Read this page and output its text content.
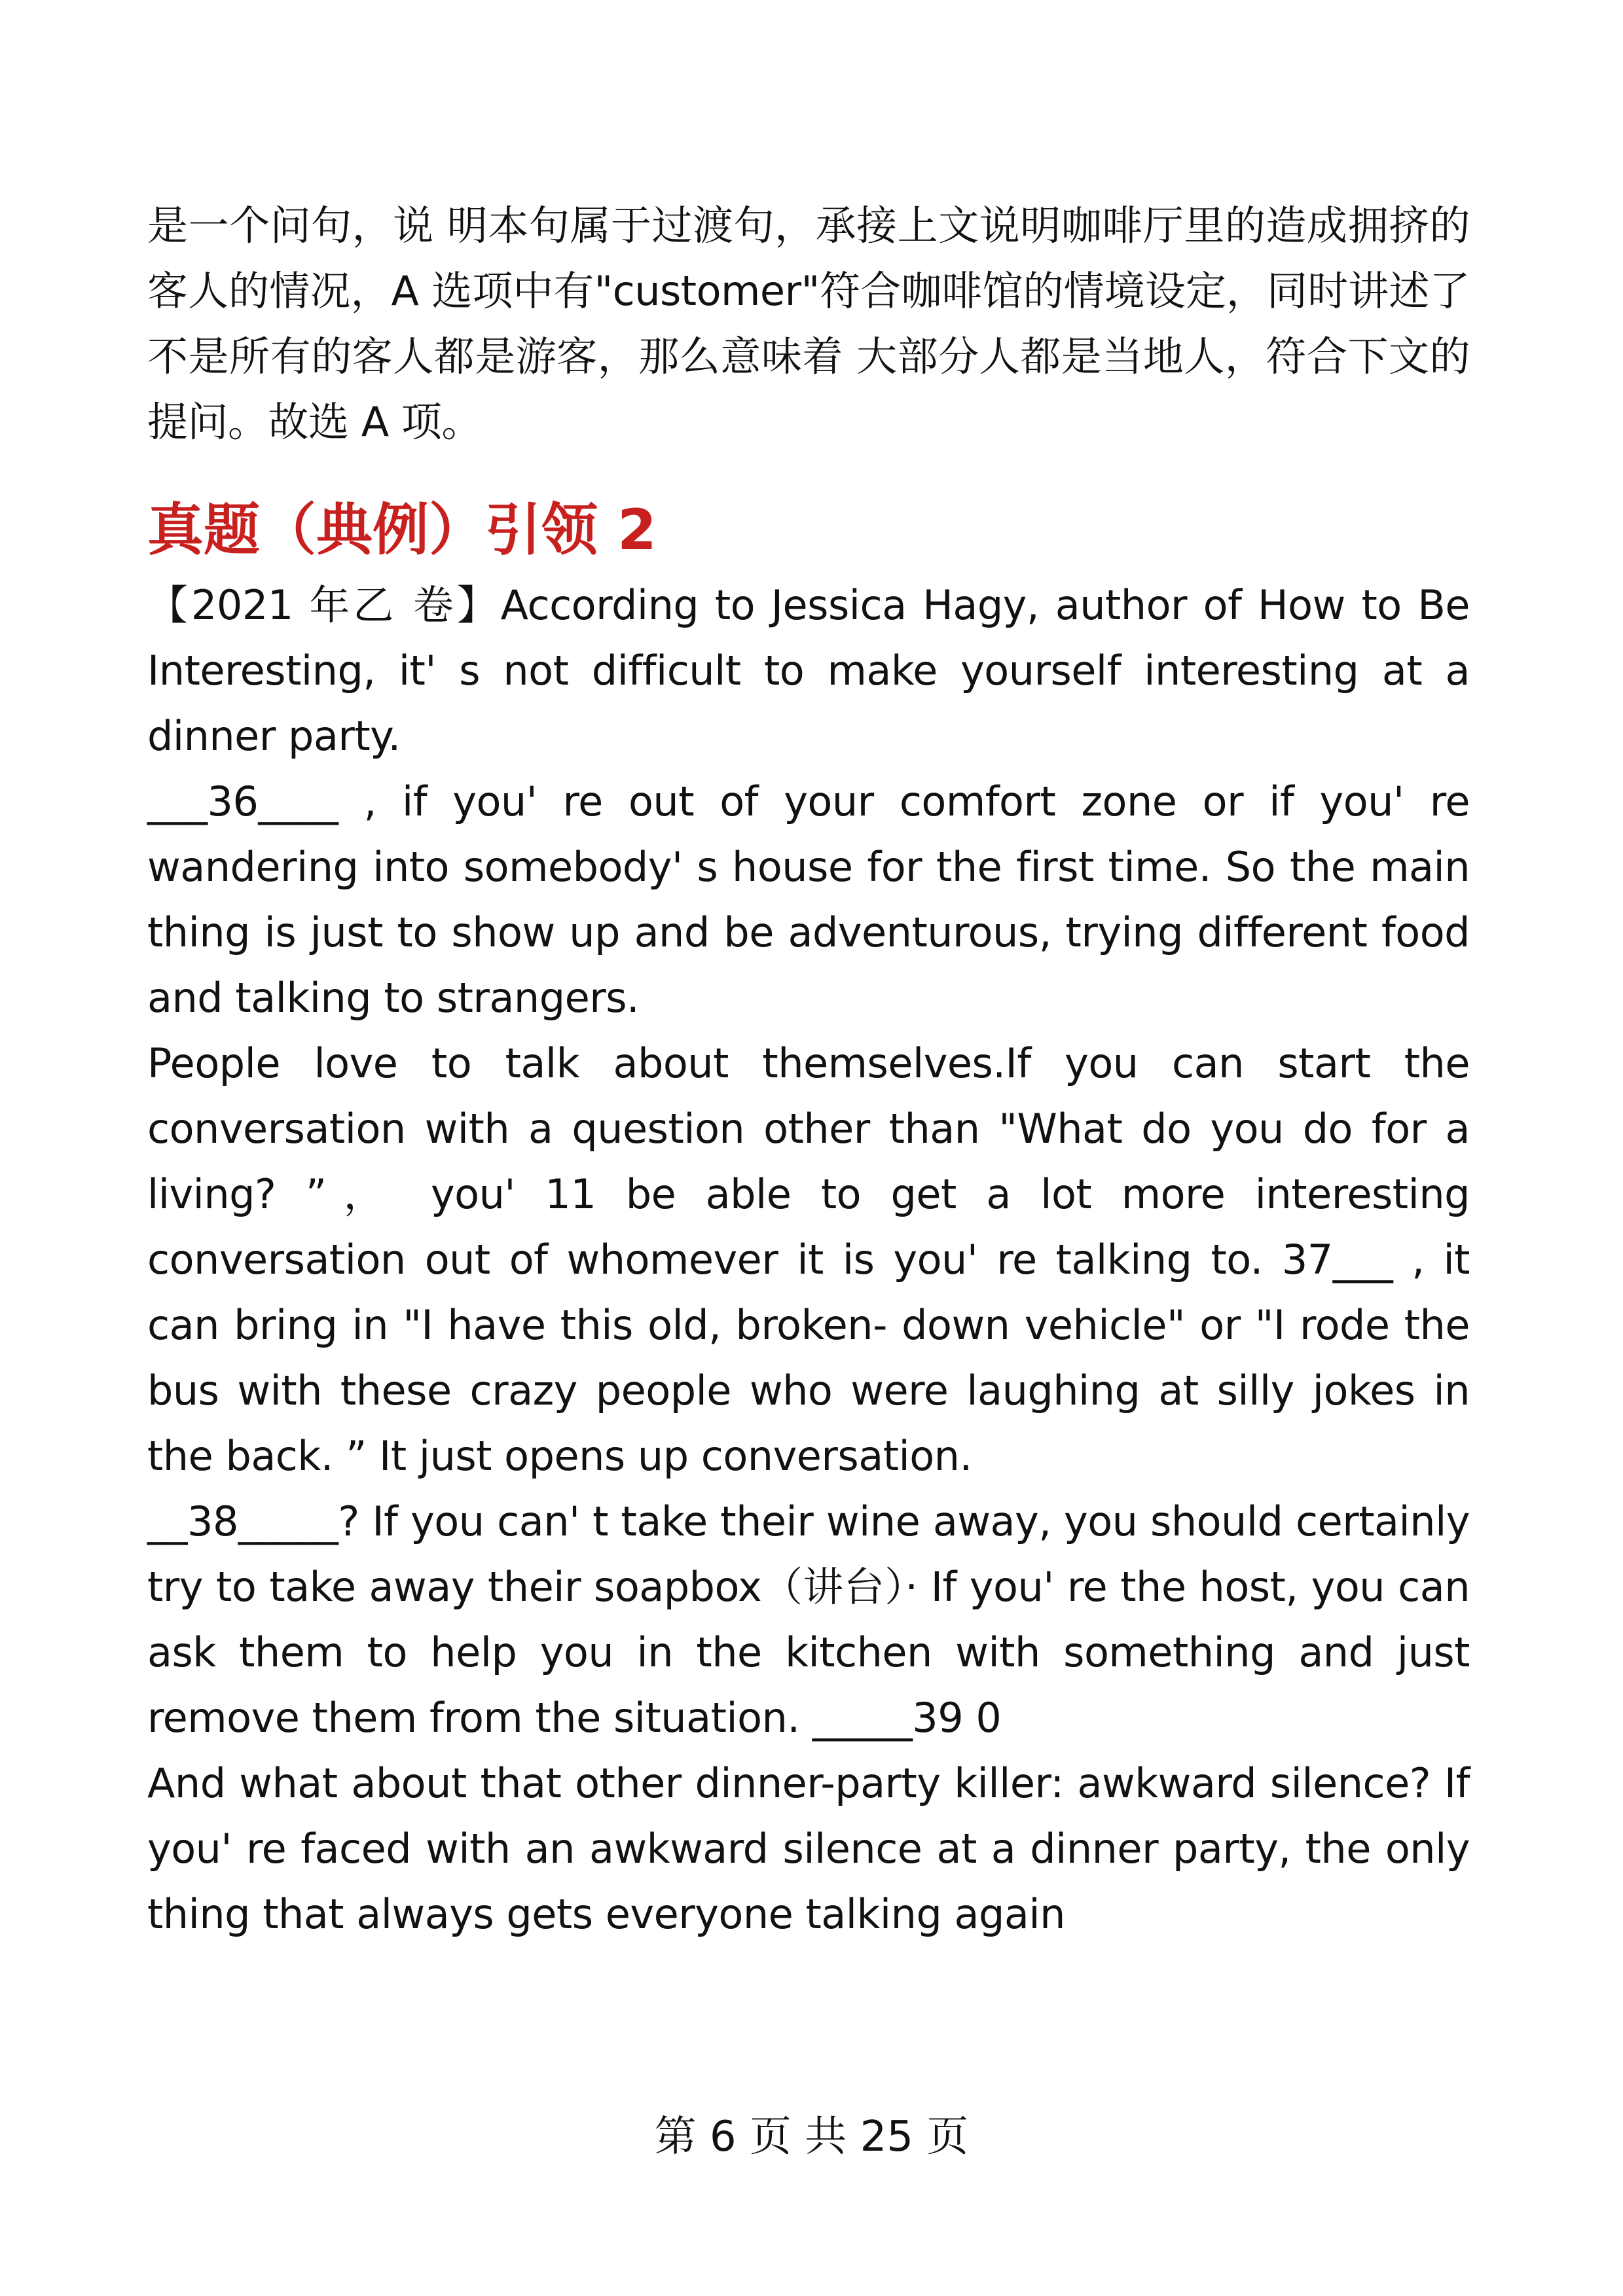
是一个问句，说 明本句属于过渡句，承接上文说明咖啡厅里的造成拥挤的客人的情况，A 选项中有"customer"符合咖啡馆的情境设定，同时讲述了不是所有的客人都是游客，那么意味着 大部分人都是当地人，符合下文的提问。故选 A 项。

真题（典例）引领 2

【2021 年乙 卷】According to Jessica Hagy, author of How to Be Interesting, it' s not difficult to make yourself interesting at a dinner party.

___36____ , if you' re out of your comfort zone or if you' re wandering into somebody' s house for the first time. So the main thing is just to show up and be adventurous, trying different food and talking to strangers.

People love to talk about themselves.If you can start the conversation with a question other than "What do you do for a living? ”， you' 11 be able to get a lot more interesting conversation out of whomever it is you' re talking to. 37___ , it can bring in "I have this old, broken- down vehicle" or "I rode the bus with these crazy people who were laughing at silly jokes in the back. ” It just opens up conversation.

__38_____? If you can' t take their wine away, you should certainly try to take away their soapbox（讲台）· If you' re the host, you can ask them to help you in the kitchen with something and just remove them from the situation. _____39 0

And what about that other dinner-party killer: awkward silence? If you' re faced with an awkward silence at a dinner party, the only thing that always gets everyone talking again

第 6 页 共 25 页
